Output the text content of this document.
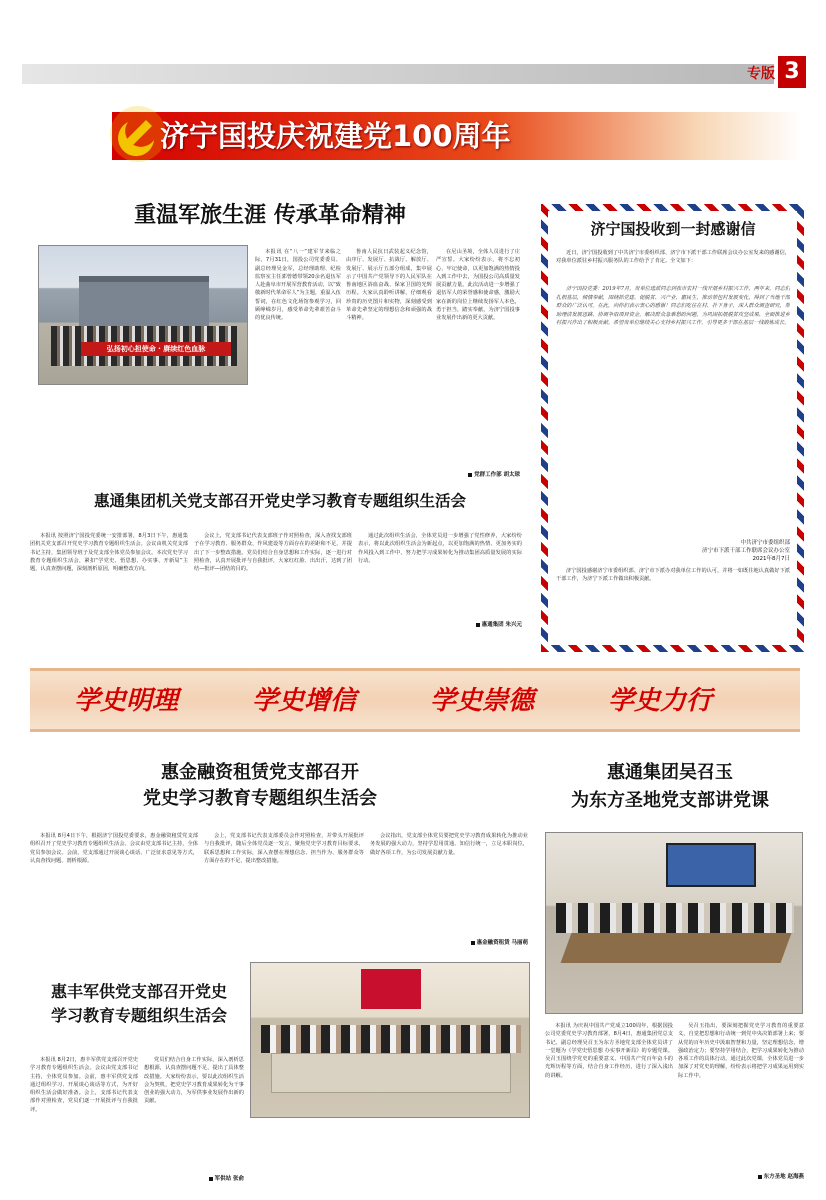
专版 3
济宁国投庆祝建党100周年
重温军旅生涯 传承革命精神
弘扬初心担使命 · 赓续红色血脉
本报讯 在“八一”建军节来临之际，7月31日，国投公司党委委员、副总经理吴金军，总经理助理、纪检监察室主任郭曾德带领20余名退伍军人赴曲阜市开展军营教育活动，以“致敬新时代革命军人”为主题，重温入伍誓词，在红色文化场馆参观学习，回顾峥嵘岁月，感受革命先辈艰苦奋斗的优良传统。
鲁南人民抗日武装起义纪念馆，由序厅、发展厅、抗战厅、解放厅、发展厅、展示厅五部分组成，集中展示了中国共产党领导下的人民军队在鲁南地区浴血奋战、保家卫国的光辉历程。大家认真聆听讲解，仔细观看珍贵的历史图片和实物，深刻感受到革命先辈坚定的理想信念和顽强的战斗精神。
在尼山圣境，全体人员进行了庄严宣誓。大家纷纷表示，将不忘初心、牢记使命，以更加饱满的热情投入到工作中去，为国投公司高质量发展贡献力量。此次活动进一步增强了退伍军人的荣誉感和使命感，激励大家在新的岗位上继续发扬军人本色，勇于担当，踏实奉献，为济宁国投事业发展作出新的更大贡献。
党群工作部 胡太琼
济宁国投收到一封感谢信
近日，济宁国投收到了中共济宁市委组织部、济宁市下派干部工作联席会议办公室发来的感谢信，对我单位派驻乡村振兴服务队的工作给予了肯定。全文如下：
济宁国投党委：2019年7月，贵单位选派同志到我市农村一线开展乡村振兴工作，两年来，同志们扎根基层，倾情奉献，围绕抓党建、促脱贫、兴产业、惠民生，推动帮包村发展变化，得到了当地干部群众的广泛认可。在此，向你们表示衷心的感谢！同志们吃住在村、扑下身子，深入群众调查研究，帮助理清发展思路，协调争取项目资金，解决群众急难愁盼问题，为巩固拓展脱贫攻坚成果、全面推进乡村振兴作出了积极贡献。希望贵单位继续关心支持乡村振兴工作，引导更多干部在基层一线锻炼成长。
中共济宁市委组织部
济宁市下派干部工作联席会议办公室
2021年8月7日
济宁国投感谢济宁市委组织部、济宁市下派办对我单位工作的认可，并将一如既往地认真做好下派干部工作，为济宁下派工作做出积极贡献。
惠通集团机关党支部召开党史学习教育专题组织生活会
本报讯 按照济宁国投党委统一安排部署，8月3日下午，惠通集团机关党支部召开党史学习教育专题组织生活会。会议由机关党支部书记主持，集团领导班子及党支部全体党员参加会议。本次党史学习教育专题组织生活会，紧扣“学党史、悟思想、办实事、开新局”主题，认真查摆问题，深刻剖析原因，明确整改方向。
会议上，党支部书记代表支部班子作对照检查，深入查找支部班子在学习教育、服务群众、作风建设等方面存在的差距和不足，并提出了下一步整改措施。党员们结合自身思想和工作实际，逐一进行对照检查，认真开展批评与自我批评，大家红红脸、出出汗，达到了团结—批评—团结的目的。
通过此次组织生活会，全体党员进一步增强了党性修养，大家纷纷表示，将以此次组织生活会为新起点，以更加饱满的热情、更加务实的作风投入到工作中，努力把学习成果转化为推动集团高质量发展的实际行动。
惠通集团 朱兴元
学史明理	学史增信	学史崇德	学史力行
惠金融资租赁党支部召开
党史学习教育专题组织生活会
本报讯 8月4日下午，根据济宁国投党委要求，惠金融资租赁党支部组织召开了党史学习教育专题组织生活会。会议由党支部书记主持，全体党员参加会议。会前，党支部通过开展谈心谈话、广泛征求意见等方式，认真查找问题、剖析根源。
会上，党支部书记代表支部委员会作对照检查，并带头开展批评与自我批评，随后全体党员逐一发言，聚焦党史学习教育目标要求，联系思想和工作实际，深入查摆在理想信念、担当作为、服务群众等方面存在的不足，提出整改措施。
会议指出，党支部全体党员要把党史学习教育成果转化为推动业务发展的强大动力，坚持学思用贯通、知信行统一，立足本职岗位，做好各项工作，为公司发展贡献力量。
惠金融资租赁 马丽萌
惠通集团吴召玉
为东方圣地党支部讲党课
本报讯 为庆祝中国共产党成立100周年，根据国投公司党委党史学习教育部署，8月4日，惠通集团党总支书记、副总经理吴召玉为东方圣地党支部全体党员讲了一堂题为《学党史悟思想 办实事开新局》的专题党课。吴召玉围绕学党史的重要意义、中国共产党百年奋斗的光辉历程等方面，结合自身工作经历，进行了深入浅出的讲解。
吴召玉指出，要深刻把握党史学习教育的重要意义，自觉把思想和行动统一到党中央决策部署上来；要从党的百年历史中汲取智慧和力量，坚定理想信念，增强政治定力；要坚持学用结合，把学习成果转化为推动各项工作的具体行动。通过此次党课，全体党员进一步加深了对党史的理解，纷纷表示将把学习成果运用到实际工作中。
东方圣地 赵海燕
惠丰军供党支部召开党史
学习教育专题组织生活会
本报讯 8月2日，惠丰军供党支部召开党史学习教育专题组织生活会。会议由党支部书记主持，全体党员参加。会前，惠丰军供党支部通过组织学习、开展谈心谈话等方式，为开好组织生活会做好准备。会上，支部书记代表支部作对照检查，党员们逐一开展批评与自我批评。
党员们结合自身工作实际，深入剖析思想根源，认真查摆问题不足，提出了具体整改措施。大家纷纷表示，要以此次组织生活会为契机，把党史学习教育成果转化为干事创业的强大动力，为军供事业发展作出新的贡献。
军供站 张俞
